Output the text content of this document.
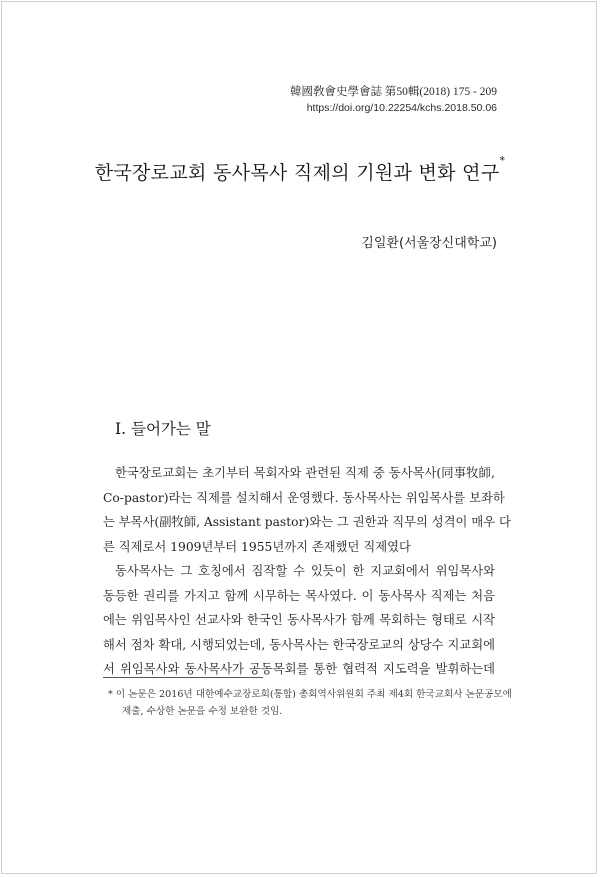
韓國敎會史學會誌 第50輯(2018) 175 - 209
https://doi.org/10.22254/kchs.2018.50.06
한국장로교회 동사목사 직제의 기원과 변화 연구*
김일환(서울장신대학교)
I. 들어가는 말
한국장로교회는 초기부터 목회자와 관련된 직제 중 동사목사(同事牧師,
Co-pastor)라는 직제를 설치해서 운영했다. 동사목사는 위임목사를 보좌하
는 부목사(副牧師, Assistant pastor)와는 그 권한과 직무의 성격이 매우 다
른 직제로서 1909년부터 1955년까지 존재했던 직제였다
동사목사는 그 호칭에서 짐작할 수 있듯이 한 지교회에서 위임목사와
동등한 권리를 가지고 함께 시무하는 목사였다. 이 동사목사 직제는 처음
에는 위임목사인 선교사와 한국인 동사목사가 함께 목회하는 형태로 시작
해서 점차 확대, 시행되었는데, 동사목사는 한국장로교의 상당수 지교회에
서 위임목사와 동사목사가 공동목회를 통한 협력적 지도력을 발휘하는데
* 이 논문은 2016년 대한예수교장로회(통합) 총회역사위원회 주최 제4회 한국교회사 논문공모에
제출, 수상한 논문을 수정 보완한 것임.
